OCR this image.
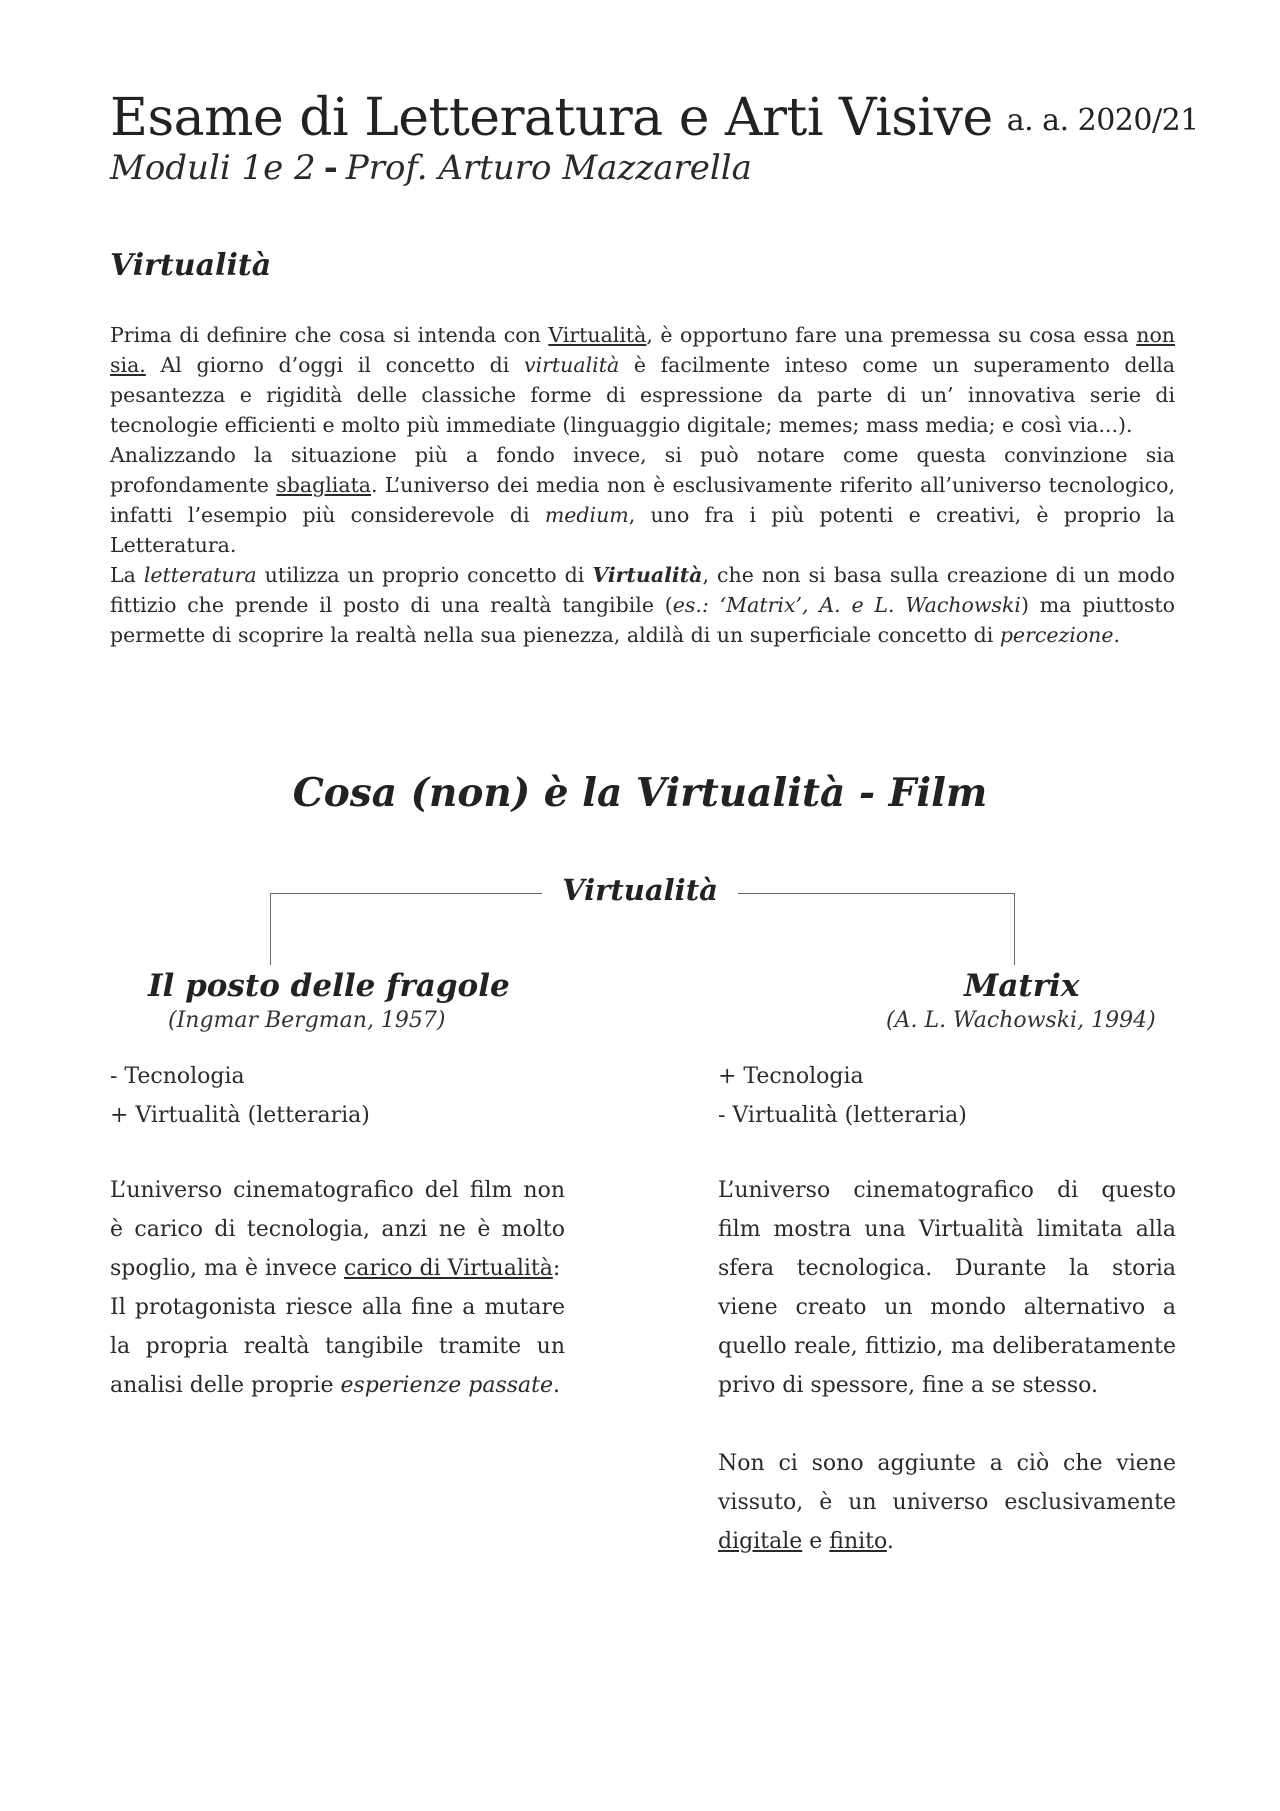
Esame di Letteratura e Arti Visive a. a. 2020/21
Moduli 1e 2 - Prof. Arturo Mazzarella
Virtualità

Prima di definire che cosa si intenda con Virtualità, è opportuno fare una premessa su cosa essa non sia. Al giorno d’oggi il concetto di virtualità è facilmente inteso come un superamento della pesantezza e rigidità delle classiche forme di espressione da parte di un’ innovativa serie di tecnologie efficienti e molto più immediate (linguaggio digitale; memes; mass media; e così via...).

Analizzando la situazione più a fondo invece, si può notare come questa convinzione sia profondamente sbagliata. L’universo dei media non è esclusivamente riferito all’universo tecnologico, infatti l’esempio più considerevole di medium, uno fra i più potenti e creativi, è proprio la Letteratura.

La letteratura utilizza un proprio concetto di Virtualità, che non si basa sulla creazione di un modo fittizio che prende il posto di una realtà tangibile (es.: ‘Matrix’, A. e L. Wachowski) ma piuttosto permette di scoprire la realtà nella sua pienezza, aldilà di un superficiale concetto di percezione.

Cosa (non) è la Virtualità - Film
Virtualità
Il posto delle fragole
(Ingmar Bergman, 1957)
- Tecnologia
+ Virtualità (letteraria)

L’universo cinematografico del film non è carico di tecnologia, anzi ne è molto spoglio, ma è invece carico di Virtualità:

Il protagonista riesce alla fine a mutare la propria realtà tangibile tramite un analisi delle proprie esperienze passate.

Matrix
(A. L. Wachowski, 1994)
+ Tecnologia
- Virtualità (letteraria)

L’universo cinematografico di questo film mostra una Virtualità limitata alla sfera tecnologica. Durante la storia viene creato un mondo alternativo a quello reale, fittizio, ma deliberatamente privo di spessore, fine a se stesso.

Non ci sono aggiunte a ciò che viene vissuto, è un universo esclusivamente digitale e finito.
